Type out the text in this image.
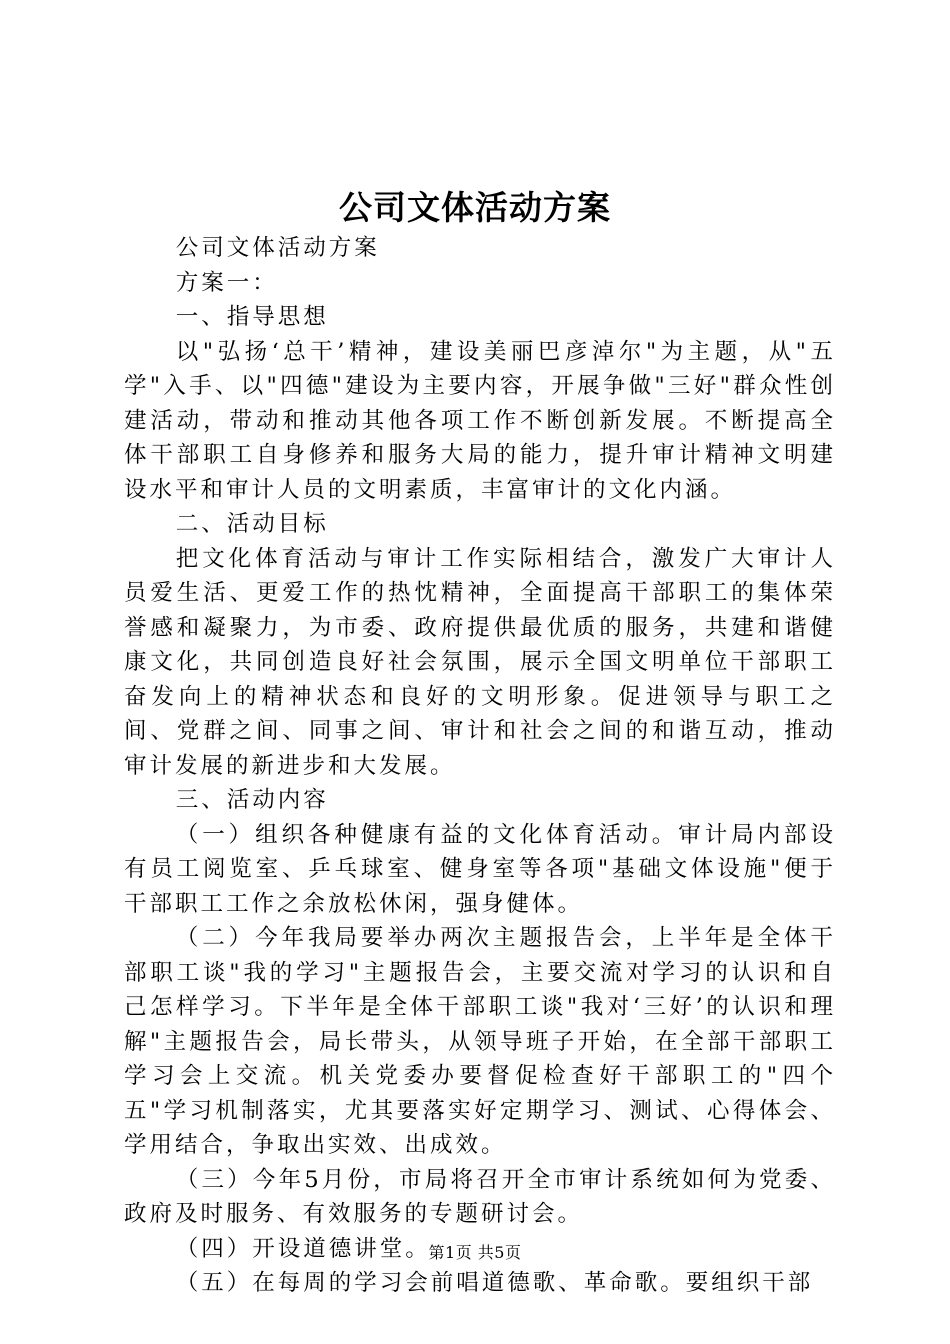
公司文体活动方案

公司文体活动方案

方案一：

一、指导思想

以"弘扬‘总干’精神，建设美丽巴彦淖尔"为主题，从"五学"入手、以"四德"建设为主要内容，开展争做"三好"群众性创建活动，带动和推动其他各项工作不断创新发展。不断提高全体干部职工自身修养和服务大局的能力，提升审计精神文明建设水平和审计人员的文明素质，丰富审计的文化内涵。

二、活动目标

把文化体育活动与审计工作实际相结合，激发广大审计人员爱生活、更爱工作的热忱精神，全面提高干部职工的集体荣誉感和凝聚力，为市委、政府提供最优质的服务，共建和谐健康文化，共同创造良好社会氛围，展示全国文明单位干部职工奋发向上的精神状态和良好的文明形象。促进领导与职工之间、党群之间、同事之间、审计和社会之间的和谐互动，推动审计发展的新进步和大发展。

三、活动内容

（一）组织各种健康有益的文化体育活动。审计局内部设有员工阅览室、乒乓球室、健身室等各项"基础文体设施"便于干部职工工作之余放松休闲，强身健体。

（二）今年我局要举办两次主题报告会，上半年是全体干部职工谈"我的学习"主题报告会，主要交流对学习的认识和自己怎样学习。下半年是全体干部职工谈"我对‘三好’的认识和理解"主题报告会，局长带头，从领导班子开始，在全部干部职工学习会上交流。机关党委办要督促检查好干部职工的"四个五"学习机制落实，尤其要落实好定期学习、测试、心得体会、学用结合，争取出实效、出成效。

（三）今年5月份，市局将召开全市审计系统如何为党委、政府及时服务、有效服务的专题研讨会。

（四）开设道德讲堂。

（五）在每周的学习会前唱道德歌、革命歌。要组织干部

第1页 共5页
